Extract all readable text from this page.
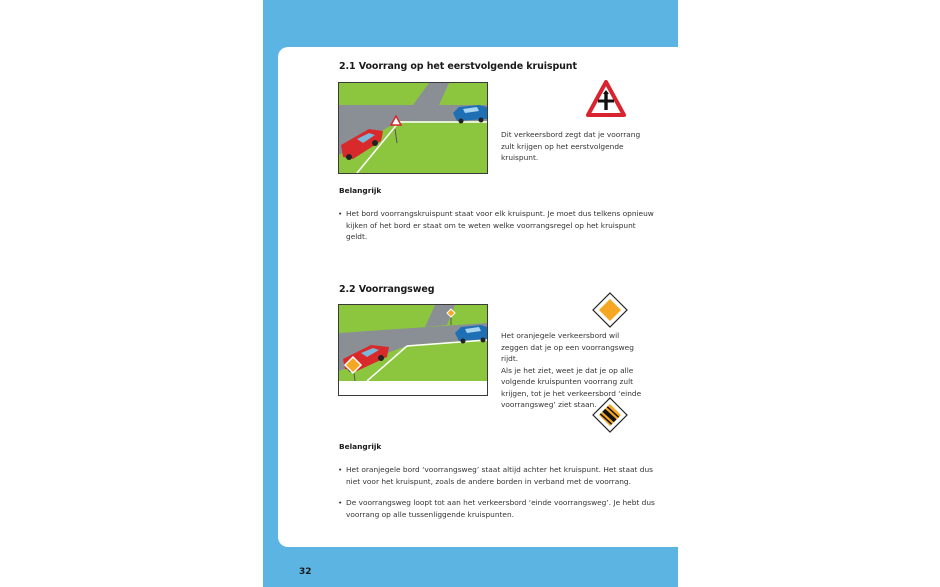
2.1 Voorrang op het eerstvolgende kruispunt
Dit verkeersbord zegt dat je voorrang
zult krijgen op het eerstvolgende
kruispunt.
Belangrijk
• Het bord voorrangskruispunt staat voor elk kruispunt. Je moet dus telkens opnieuw
kijken of het bord er staat om te weten welke voorrangsregel op het kruispunt
geldt.
2.2 Voorrangsweg
Het oranjegele verkeersbord wil
zeggen dat je op een voorrangsweg
rijdt.
Als je het ziet, weet je dat je op alle
volgende kruispunten voorrang zult
krijgen, tot je het verkeersbord ‘einde
voorrangsweg’ ziet staan.
Belangrijk
• Het oranjegele bord ‘voorrangsweg’ staat altijd achter het kruispunt. Het staat dus
niet voor het kruispunt, zoals de andere borden in verband met de voorrang.
• De voorrangsweg loopt tot aan het verkeersbord ‘einde voorrangsweg’. Je hebt dus
voorrang op alle tussenliggende kruispunten.
32
